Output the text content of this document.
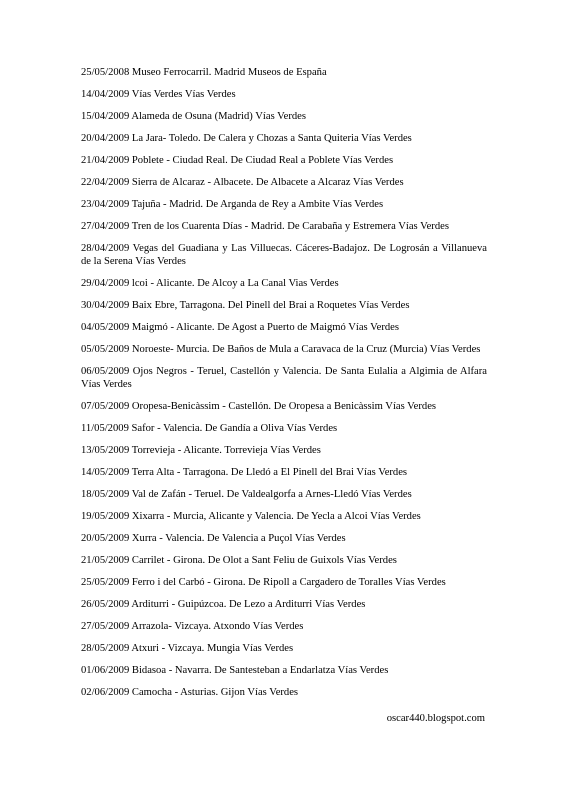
25/05/2008 Museo Ferrocarril. Madrid Museos de España
14/04/2009 Vías Verdes Vías Verdes
15/04/2009 Alameda de Osuna (Madrid) Vías Verdes
20/04/2009 La Jara- Toledo. De Calera y Chozas a Santa Quiteria Vías Verdes
21/04/2009 Poblete - Ciudad Real. De Ciudad Real a Poblete Vías Verdes
22/04/2009 Sierra de Alcaraz - Albacete. De Albacete a Alcaraz Vías Verdes
23/04/2009 Tajuña - Madrid. De Arganda de Rey a Ambite Vías Verdes
27/04/2009 Tren de los Cuarenta Días - Madrid. De Carabaña y Estremera Vías Verdes
28/04/2009 Vegas del Guadiana y Las Villuecas. Cáceres-Badajoz. De Logrosán a Villanueva de la Serena Vías Verdes
29/04/2009 lcoi - Alicante. De Alcoy a La Canal Vias Verdes
30/04/2009 Baix Ebre, Tarragona. Del Pinell del Brai a Roquetes Vías Verdes
04/05/2009 Maigmó - Alicante. De Agost a Puerto de Maigmó Vías Verdes
05/05/2009 Noroeste- Murcia. De Baños de Mula a Caravaca de la Cruz (Murcia) Vías Verdes
06/05/2009 Ojos Negros - Teruel, Castellón y Valencia. De Santa Eulalia a Algimia de Alfara Vías Verdes
07/05/2009 Oropesa-Benicàssim - Castellón. De Oropesa a Benicàssim Vías Verdes
11/05/2009 Safor - Valencia. De Gandía a Oliva Vías Verdes
13/05/2009 Torrevieja - Alicante. Torrevieja Vías Verdes
14/05/2009 Terra Alta - Tarragona. De Lledó a El Pinell del Brai Vías Verdes
18/05/2009 Val de Zafán - Teruel. De Valdealgorfa a Arnes-Lledó Vías Verdes
19/05/2009 Xixarra - Murcia, Alicante y Valencia. De Yecla a Alcoi Vías Verdes
20/05/2009 Xurra - Valencia. De Valencia a Puçol Vías Verdes
21/05/2009 Carrilet - Girona. De Olot a Sant Feliu de Guixols Vías Verdes
25/05/2009 Ferro i del Carbó - Girona. De Ripoll a Cargadero de Toralles Vías Verdes
26/05/2009 Arditurri - Guipúzcoa. De Lezo a Arditurri Vías Verdes
27/05/2009 Arrazola- Vizcaya. Atxondo Vías Verdes
28/05/2009 Atxuri - Vizcaya. Mungia Vías Verdes
01/06/2009 Bidasoa - Navarra. De Santesteban a Endarlatza Vías Verdes
02/06/2009 Camocha - Asturias. Gijon Vías Verdes
oscar440.blogspot.com
